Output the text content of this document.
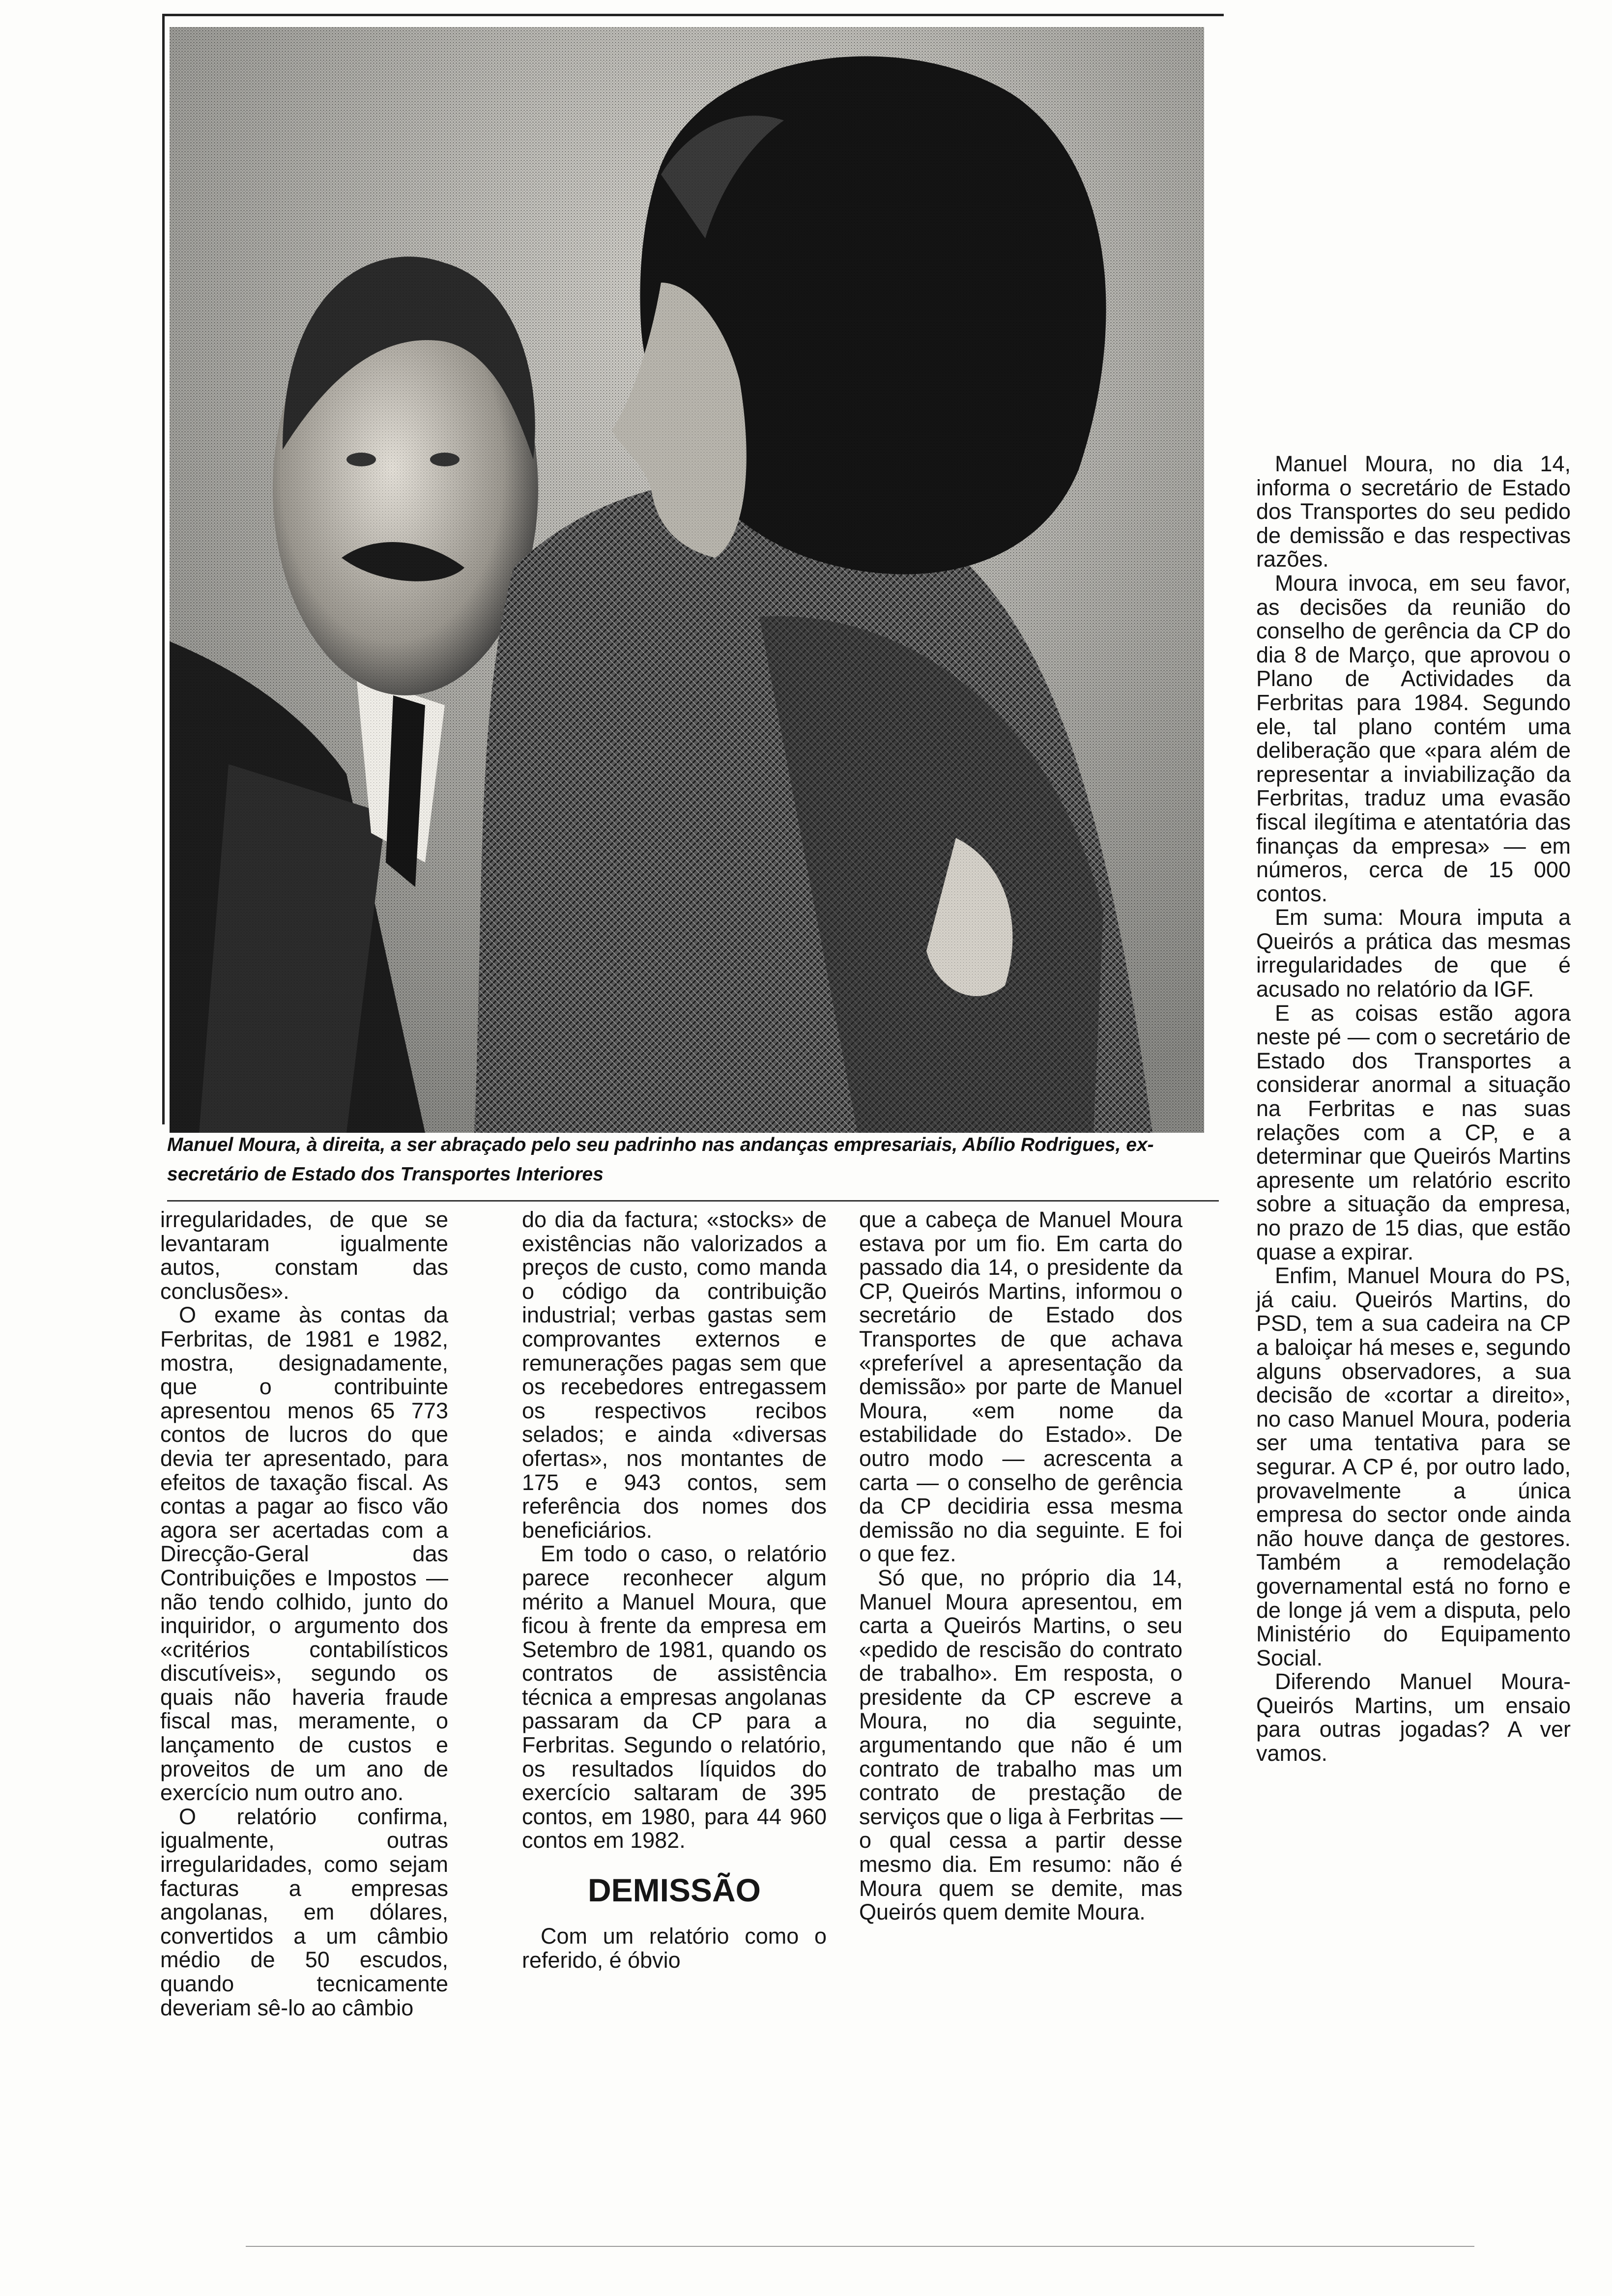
Manuel Moura, à direita, a ser abraçado pelo seu padrinho nas andanças empresariais, Abílio Rodrigues, ex-secretário de Estado dos Transportes Interiores

irregularidades, de que se levantaram igualmente autos, constam das conclusões».

O exame às contas da Ferbritas, de 1981 e 1982, mostra, designadamente, que o contribuinte apresentou menos 65 773 contos de lucros do que devia ter apresentado, para efeitos de taxação fiscal. As contas a pagar ao fisco vão agora ser acertadas com a Direcção-Geral das Contribuições e Impostos — não tendo colhido, junto do inquiridor, o argumento dos «critérios contabilísticos discutíveis», segundo os quais não haveria fraude fiscal mas, meramente, o lançamento de custos e proveitos de um ano de exercício num outro ano.

O relatório confirma, igualmente, outras irregularidades, como sejam facturas a empresas angolanas, em dólares, convertidos a um câmbio médio de 50 escudos, quando tecnicamente deveriam sê-lo ao câmbio

do dia da factura; «stocks» de existências não valorizados a preços de custo, como manda o código da contribuição industrial; verbas gastas sem comprovantes externos e remunerações pagas sem que os recebedores entregassem os respectivos recibos selados; e ainda «diversas ofertas», nos montantes de 175 e 943 contos, sem referência dos nomes dos beneficiários.

Em todo o caso, o relatório parece reconhecer algum mérito a Manuel Moura, que ficou à frente da empresa em Setembro de 1981, quando os contratos de assistência técnica a empresas angolanas passaram da CP para a Ferbritas. Segundo o relatório, os resultados líquidos do exercício saltaram de 395 contos, em 1980, para 44 960 contos em 1982.

DEMISSÃO

Com um relatório como o referido, é óbvio

que a cabeça de Manuel Moura estava por um fio. Em carta do passado dia 14, o presidente da CP, Queirós Martins, informou o secretário de Estado dos Transportes de que achava «preferível a apresentação da demissão» por parte de Manuel Moura, «em nome da estabilidade do Estado». De outro modo — acrescenta a carta — o conselho de gerência da CP decidiria essa mesma demissão no dia seguinte. E foi o que fez.

Só que, no próprio dia 14, Manuel Moura apresentou, em carta a Queirós Martins, o seu «pedido de rescisão do contrato de trabalho». Em resposta, o presidente da CP escreve a Moura, no dia seguinte, argumentando que não é um contrato de trabalho mas um contrato de prestação de serviços que o liga à Ferbritas — o qual cessa a partir desse mesmo dia. Em resumo: não é Moura quem se demite, mas Queirós quem demite Moura.

Manuel Moura, no dia 14, informa o secretário de Estado dos Transportes do seu pedido de demissão e das respectivas razões.

Moura invoca, em seu favor, as decisões da reunião do conselho de gerência da CP do dia 8 de Março, que aprovou o Plano de Actividades da Ferbritas para 1984. Segundo ele, tal plano contém uma deliberação que «para além de representar a inviabilização da Ferbritas, traduz uma evasão fiscal ilegítima e atentatória das finanças da empresa» — em números, cerca de 15 000 contos.

Em suma: Moura imputa a Queirós a prática das mesmas irregularidades de que é acusado no relatório da IGF.

E as coisas estão agora neste pé — com o secretário de Estado dos Transportes a considerar anormal a situação na Ferbritas e nas suas relações com a CP, e a determinar que Queirós Martins apresente um relatório escrito sobre a situação da empresa, no prazo de 15 dias, que estão quase a expirar.

Enfim, Manuel Moura do PS, já caiu. Queirós Martins, do PSD, tem a sua cadeira na CP a baloiçar há meses e, segundo alguns observadores, a sua decisão de «cortar a direito», no caso Manuel Moura, poderia ser uma tentativa para se segurar. A CP é, por outro lado, provavelmente a única empresa do sector onde ainda não houve dança de gestores. Também a remodelação governamental está no forno e de longe já vem a disputa, pelo Ministério do Equipamento Social.

Diferendo Manuel Moura-Queirós Martins, um ensaio para outras jogadas? A ver vamos.
